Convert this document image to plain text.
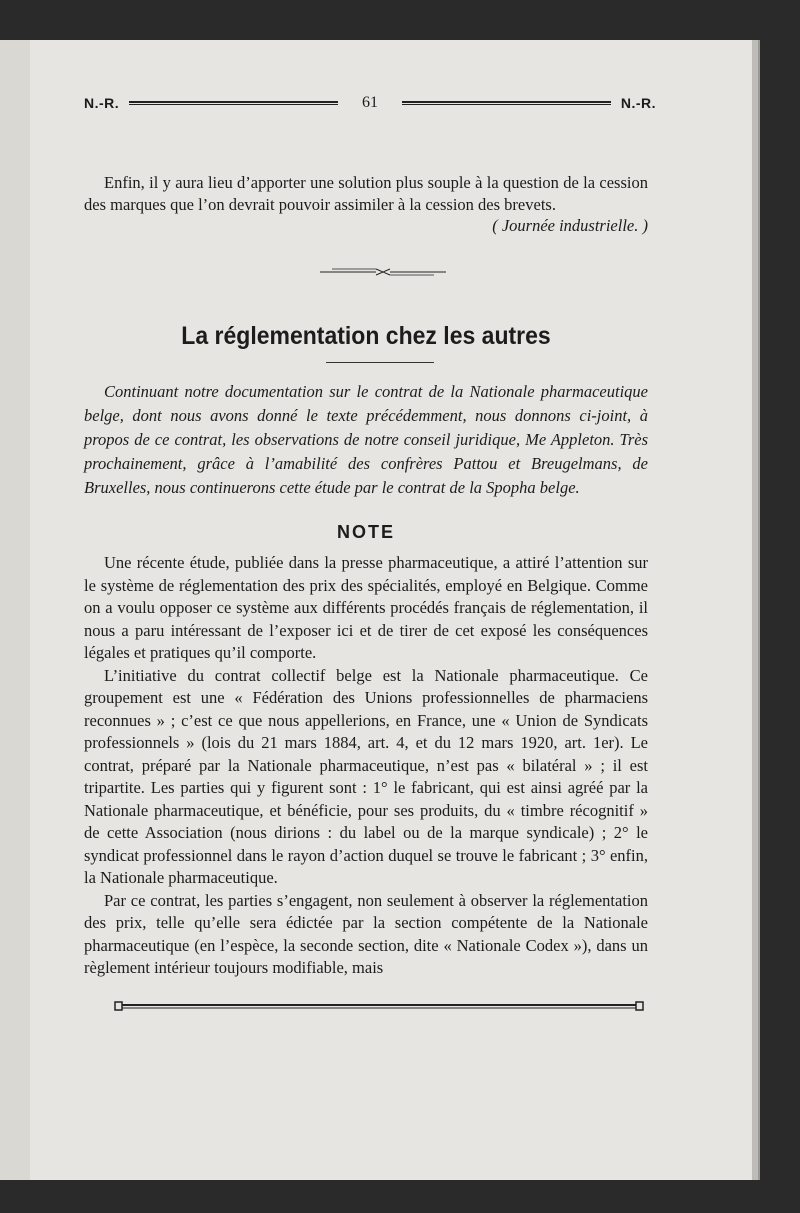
N.-R.	61	N.-R.

Enfin, il y aura lieu d’apporter une solution plus souple à la question de la cession des marques que l’on devrait pouvoir assimiler à la cession des brevets.

( Journée industrielle. )

La réglementation chez les autres

Continuant notre documentation sur le contrat de la Nationale pharmaceutique belge, dont nous avons donné le texte précédemment, nous donnons ci-joint, à propos de ce contrat, les observations de notre conseil juridique, Me Appleton. Très prochainement, grâce à l’amabilité des confrères Pattou et Breugelmans, de Bruxelles, nous continuerons cette étude par le contrat de la Spopha belge.

NOTE

Une récente étude, publiée dans la presse pharmaceutique, a attiré l’attention sur le système de réglementation des prix des spécialités, employé en Belgique. Comme on a voulu opposer ce système aux différents procédés français de réglementation, il nous a paru intéressant de l’exposer ici et de tirer de cet exposé les conséquences légales et pratiques qu’il comporte.

L’initiative du contrat collectif belge est la Nationale pharmaceutique. Ce groupement est une « Fédération des Unions professionnelles de pharmaciens reconnues » ; c’est ce que nous appellerions, en France, une « Union de Syndicats professionnels » (lois du 21 mars 1884, art. 4, et du 12 mars 1920, art. 1er). Le contrat, préparé par la Nationale pharmaceutique, n’est pas « bilatéral » ; il est tripartite. Les parties qui y figurent sont : 1° le fabricant, qui est ainsi agréé par la Nationale pharmaceutique, et bénéficie, pour ses produits, du « timbre récognitif » de cette Association (nous dirions : du label ou de la marque syndicale) ; 2° le syndicat professionnel dans le rayon d’action duquel se trouve le fabricant ; 3° enfin, la Nationale pharmaceutique.

Par ce contrat, les parties s’engagent, non seulement à observer la réglementation des prix, telle qu’elle sera édictée par la section compétente de la Nationale pharmaceutique (en l’espèce, la seconde section, dite « Nationale Codex »), dans un règlement intérieur toujours modifiable, mais
